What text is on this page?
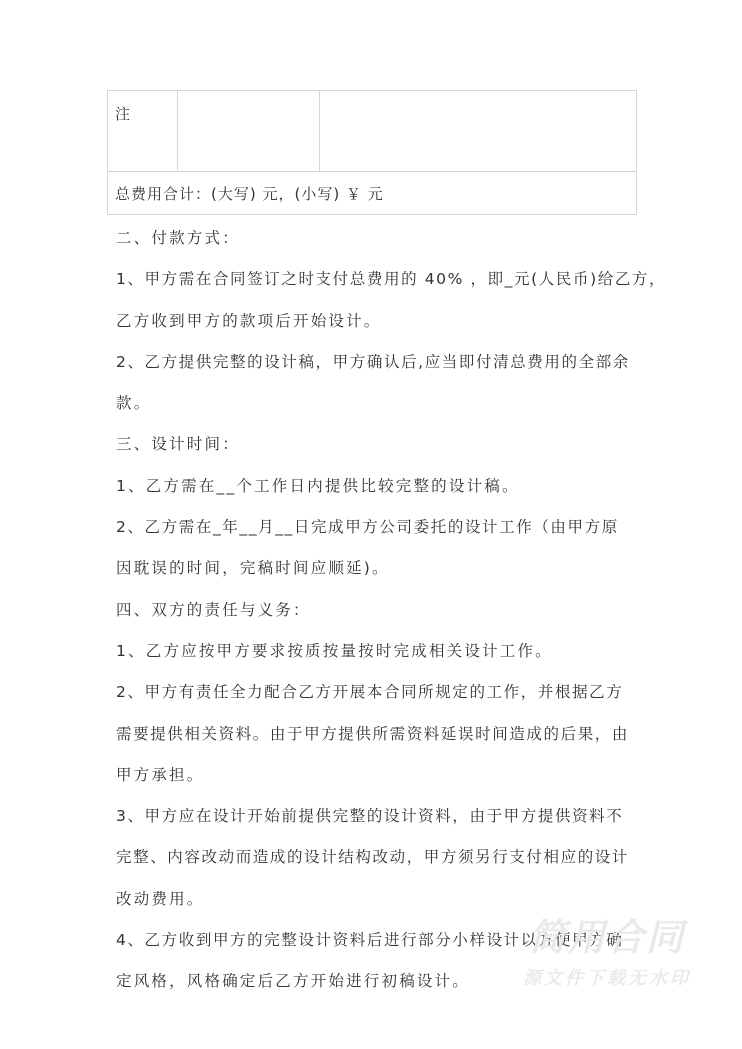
注		
总费用合计：(大写) 元，(小写) ￥ 元
二、付款方式：
1、甲方需在合同签订之时支付总费用的 40% ，即_元(人民币)给乙方，
乙方收到甲方的款项后开始设计。
2、乙方提供完整的设计稿，甲方确认后,应当即付清总费用的全部余
款。
三、设计时间：
1、乙方需在__个工作日内提供比较完整的设计稿。
2、乙方需在_年__月__日完成甲方公司委托的设计工作（由甲方原
因耽误的时间，完稿时间应顺延)。
四、双方的责任与义务：
1、乙方应按甲方要求按质按量按时完成相关设计工作。
2、甲方有责任全力配合乙方开展本合同所规定的工作，并根据乙方
需要提供相关资料。由于甲方提供所需资料延误时间造成的后果，由
甲方承担。
3、甲方应在设计开始前提供完整的设计资料，由于甲方提供资料不
完整、内容改动而造成的设计结构改动，甲方须另行支付相应的设计
改动费用。
4、乙方收到甲方的完整设计资料后进行部分小样设计以方便甲方确
定风格，风格确定后乙方开始进行初稿设计。
简用合同
源文件下载无水印
